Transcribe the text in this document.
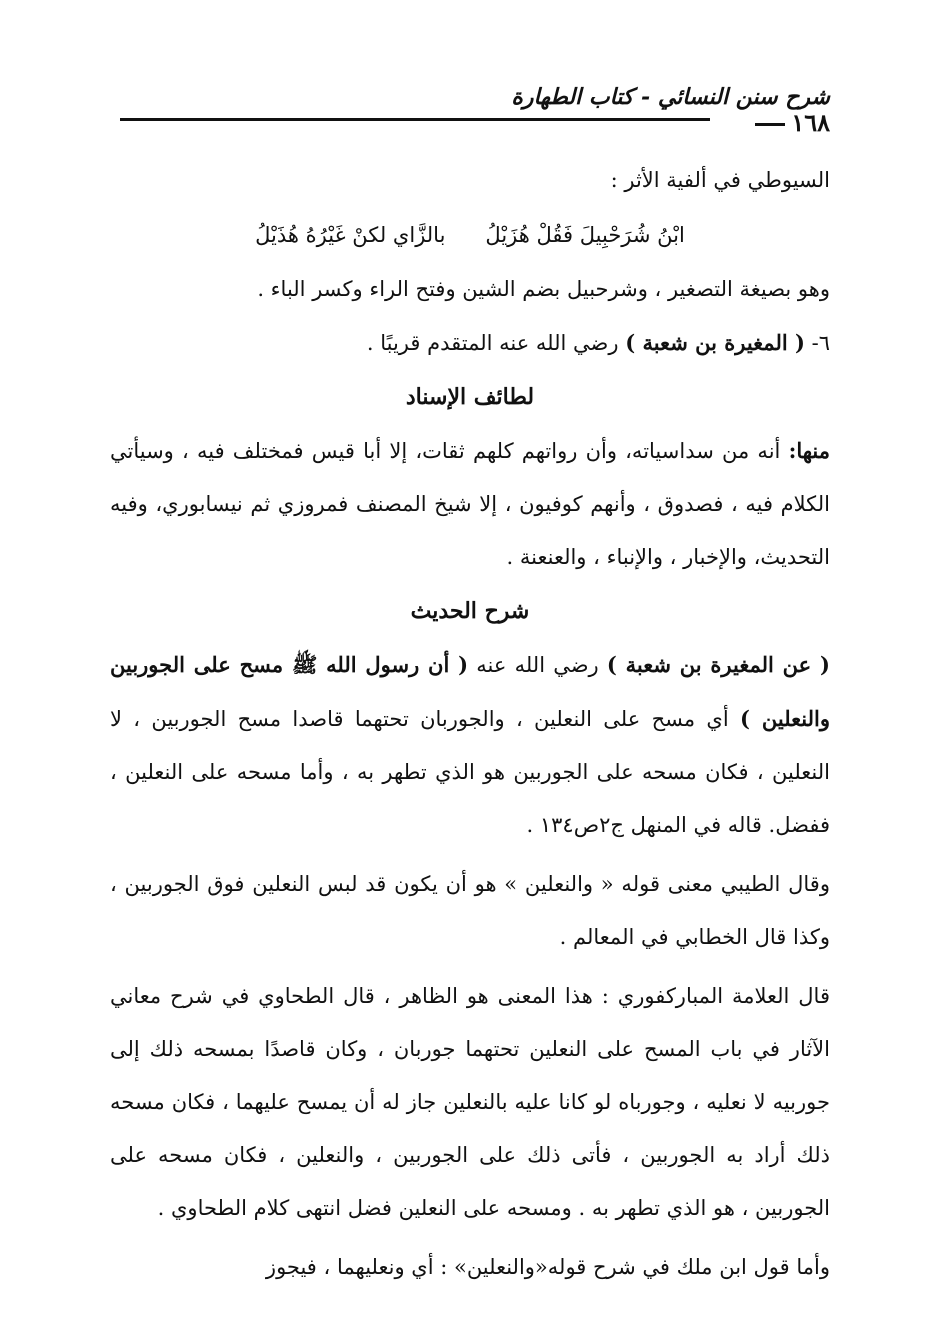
شرح سنن النسائي - كتاب الطهارة
١٦٨

السيوطي في ألفية الأثر :

ابْنُ شُرَحْبِيلَ فَقُلْ هُزَيْلُ
بالزَّاي لكنْ غَيْرُهُ هُذَيْلُ

وهو بصيغة التصغير ، وشرحبيل بضم الشين وفتح الراء وكسر الباء .

٦- ( المغيرة بن شعبة ) رضي الله عنه المتقدم قريبًا .

لطائف الإسناد

منها: أنه من سداسياته، وأن رواتهم كلهم ثقات، إلا أبا قيس فمختلف فيه ، وسيأتي الكلام فيه ، فصدوق ، وأنهم كوفيون ، إلا شيخ المصنف فمروزي ثم نيسابوري، وفيه التحديث، والإخبار ، والإنباء ، والعنعنة .

شرح الحديث

( عن المغيرة بن شعبة ) رضي الله عنه ( أن رسول الله ﷺ مسح على الجوربين والنعلين ) أي مسح على النعلين ، والجوربان تحتهما قاصدا مسح الجوربين ، لا النعلين ، فكان مسحه على الجوربين هو الذي تطهر به ، وأما مسحه على النعلين ، ففضل. قاله في المنهل ج٢ص١٣٤ .

وقال الطيبي معنى قوله « والنعلين » هو أن يكون قد لبس النعلين فوق الجوربين ، وكذا قال الخطابي في المعالم .

قال العلامة المباركفوري : هذا المعنى هو الظاهر ، قال الطحاوي في شرح معاني الآثار في باب المسح على النعلين تحتهما جوربان ، وكان قاصدًا بمسحه ذلك إلى جوربيه لا نعليه ، وجورباه لو كانا عليه بالنعلين جاز له أن يمسح عليهما ، فكان مسحه ذلك أراد به الجوربين ، فأتى ذلك على الجوربين ، والنعلين ، فكان مسحه على الجوربين ، هو الذي تطهر به . ومسحه على النعلين فضل انتهى كلام الطحاوي .

وأما قول ابن ملك في شرح قوله«والنعلين» : أي ونعليهما ، فيجوز
